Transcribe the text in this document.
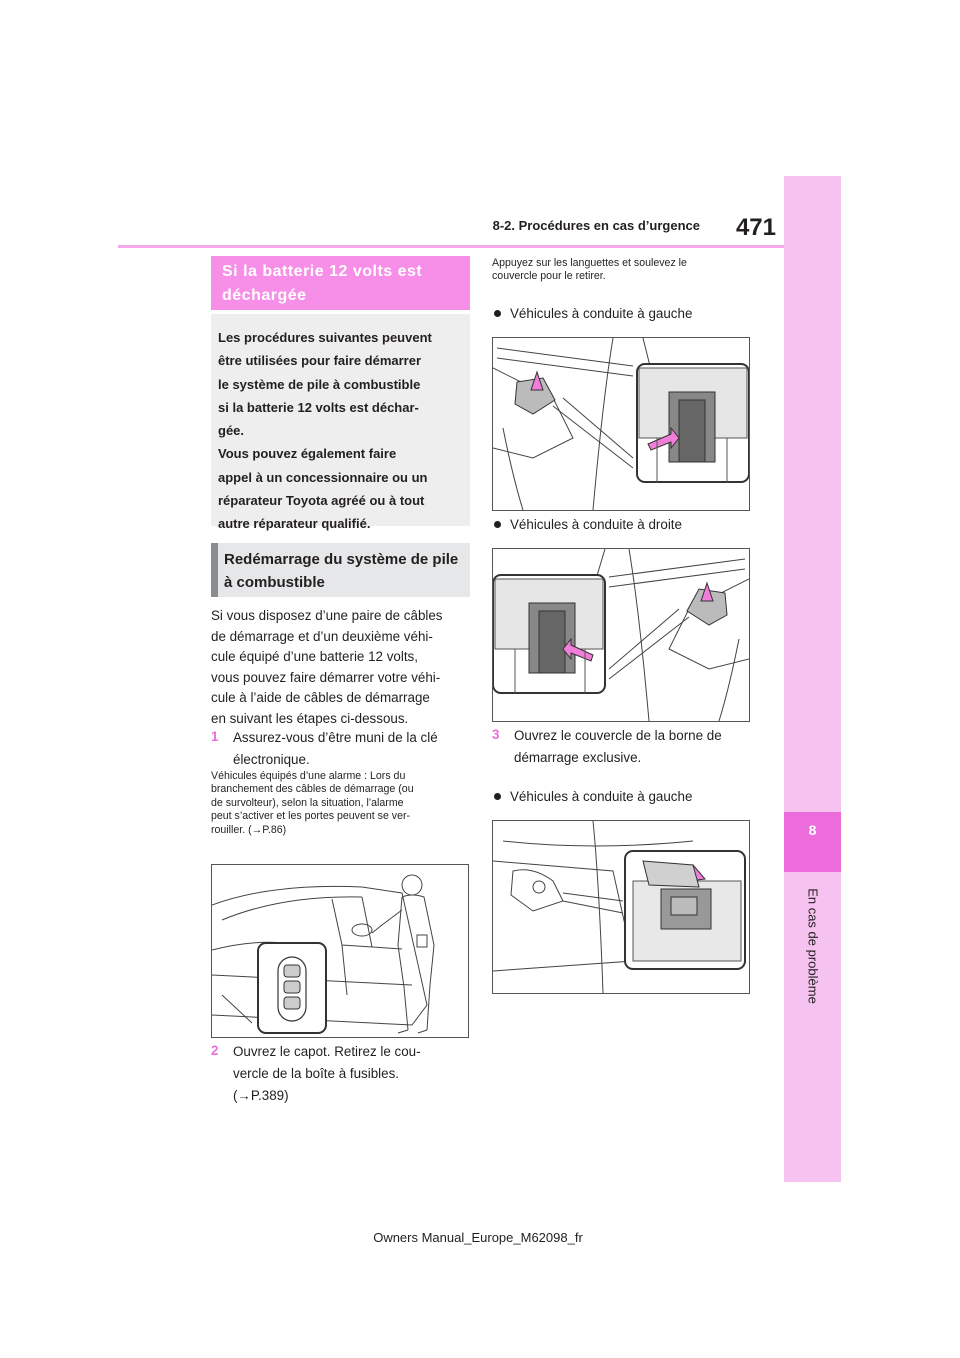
8
En cas de problème
8-2. Procédures en cas d’urgence	471
Si la batterie 12 volts est déchargée
Les procédures suivantes peuvent
être utilisées pour faire démarrer
le système de pile à combustible
si la batterie 12 volts est déchar-
gée.
Vous pouvez également faire
appel à un concessionnaire ou un
réparateur Toyota agréé ou à tout
autre réparateur qualifié.
Redémarrage du système de pile à combustible
Si vous disposez d’une paire de câbles
de démarrage et d’un deuxième véhi-
cule équipé d’une batterie 12 volts,
vous pouvez faire démarrer votre véhi-
cule à l’aide de câbles de démarrage
en suivant les étapes ci-dessous.
1 Assurez-vous d’être muni de la clé
électronique.
Véhicules équipés d’une alarme : Lors du
branchement des câbles de démarrage (ou
de survolteur), selon la situation, l’alarme
peut s’activer et les portes peuvent se ver-
rouiller. (→P.86)
2 Ouvrez le capot. Retirez le cou-
vercle de la boîte à fusibles.
(→P.389)
Appuyez sur les languettes et soulevez le
couvercle pour le retirer.
Véhicules à conduite à gauche
Véhicules à conduite à droite
3 Ouvrez le couvercle de la borne de
démarrage exclusive.
Véhicules à conduite à gauche
Owners Manual_Europe_M62098_fr
